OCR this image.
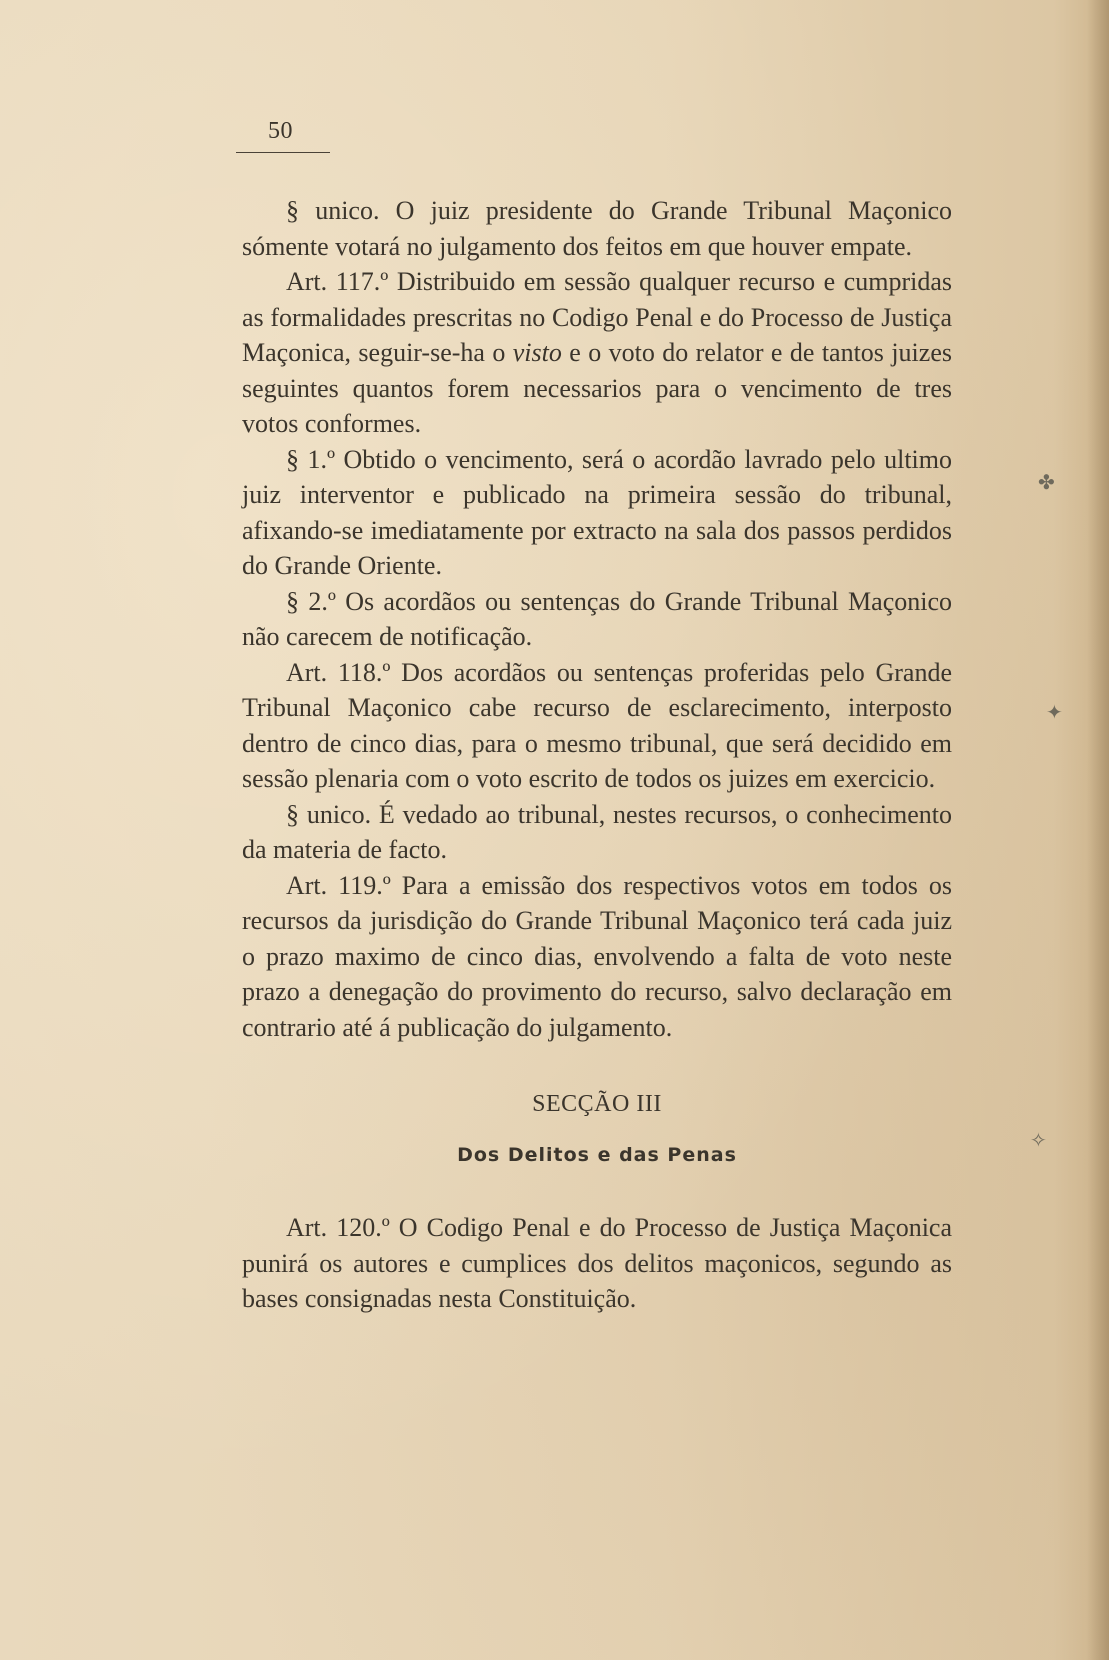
50

§ unico. O juiz presidente do Grande Tribunal Maçonico sómente votará no julgamento dos feitos em que houver empate.

Art. 117.º Distribuido em sessão qualquer recurso e cumpridas as formalidades prescritas no Codigo Penal e do Processo de Justiça Maçonica, seguir-se-ha o visto e o voto do relator e de tantos juizes seguintes quantos forem necessarios para o vencimento de tres votos conformes.

§ 1.º Obtido o vencimento, será o acordão lavrado pelo ultimo juiz interventor e publicado na primeira sessão do tribunal, afixando-se imediatamente por extracto na sala dos passos perdidos do Grande Oriente.

§ 2.º Os acordãos ou sentenças do Grande Tribunal Maçonico não carecem de notificação.

Art. 118.º Dos acordãos ou sentenças proferidas pelo Grande Tribunal Maçonico cabe recurso de esclarecimento, interposto dentro de cinco dias, para o mesmo tribunal, que será decidido em sessão plenaria com o voto escrito de todos os juizes em exercicio.

§ unico. É vedado ao tribunal, nestes recursos, o conhecimento da materia de facto.

Art. 119.º Para a emissão dos respectivos votos em todos os recursos da jurisdição do Grande Tribunal Maçonico terá cada juiz o prazo maximo de cinco dias, envolvendo a falta de voto neste prazo a denegação do provimento do recurso, salvo declaração em contrario até á publicação do julgamento.

SECÇÃO III
Dos Delitos e das Penas

Art. 120.º O Codigo Penal e do Processo de Justiça Maçonica punirá os autores e cumplices dos delitos maçonicos, segundo as bases consignadas nesta Constituição.

✤
✦
✧
